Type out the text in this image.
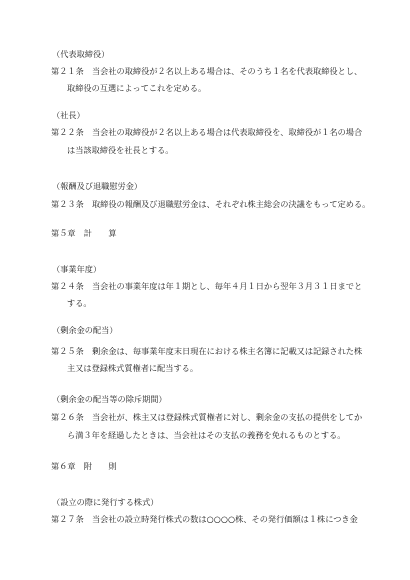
（代表取締役）
第２１条　当会社の取締役が２名以上ある場合は、そのうち１名を代表取締役とし、
取締役の互選によってこれを定める。
（社長）
第２２条　当会社の取締役が２名以上ある場合は代表取締役を、取締役が１名の場合
は当該取締役を社長とする。
（報酬及び退職慰労金）
第２３条　取締役の報酬及び退職慰労金は、それぞれ株主総会の決議をもって定める。
第５章　計　　算
（事業年度）
第２４条　当会社の事業年度は年１期とし、毎年４月１日から翌年３月３１日までと
する。
（剰余金の配当）
第２５条　剰余金は、毎事業年度末日現在における株主名簿に記載又は記録された株
主又は登録株式質権者に配当する。
（剰余金の配当等の除斥期間）
第２６条　当会社が、株主又は登録株式質権者に対し、剰余金の支払の提供をしてか
ら満３年を経過したときは、当会社はその支払の義務を免れるものとする。
第６章　附　　則
（設立の際に発行する株式）
第２７条　当会社の設立時発行株式の数は○○○○株、その発行価額は１株につき金
